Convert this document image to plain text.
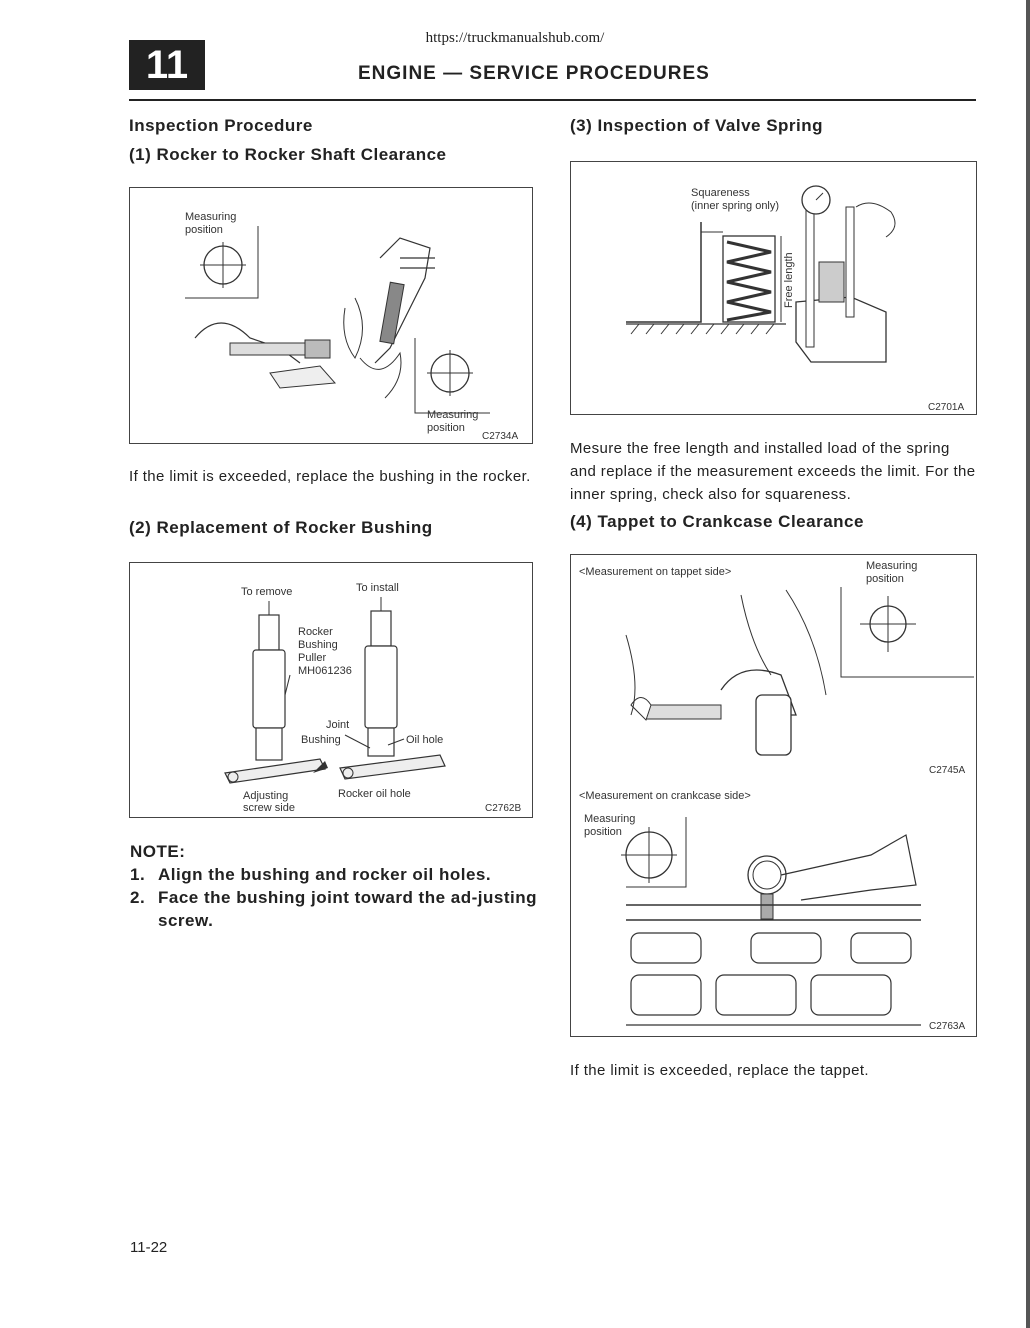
https://truckmanualshub.com/
11	ENGINE — SERVICE PROCEDURES
Inspection Procedure
(1) Rocker to Rocker Shaft Clearance
Measuring
position
Measuring
position
C2734A
If the limit is exceeded, replace the bushing in the rocker.
(2) Replacement of Rocker Bushing
To remove	To install
Rocker
Bushing
Puller
MH061236
Joint
Bushing	Oil hole
Adjusting
screw side
Rocker oil hole
C2762B
NOTE:
1. Align the bushing and rocker oil holes.
2. Face the bushing joint toward the ad-justing screw.
(3) Inspection of Valve Spring
Squareness
(inner spring only)
Free length
C2701A
Mesure the free length and installed load of the spring and replace if the measurement exceeds the limit. For the inner spring, check also for squareness.
(4) Tappet to Crankcase Clearance
<Measurement on tappet side>	Measuring
position
C2745A
<Measurement on crankcase side>
Measuring
position
C2763A
If the limit is exceeded, replace the tappet.
11-22
